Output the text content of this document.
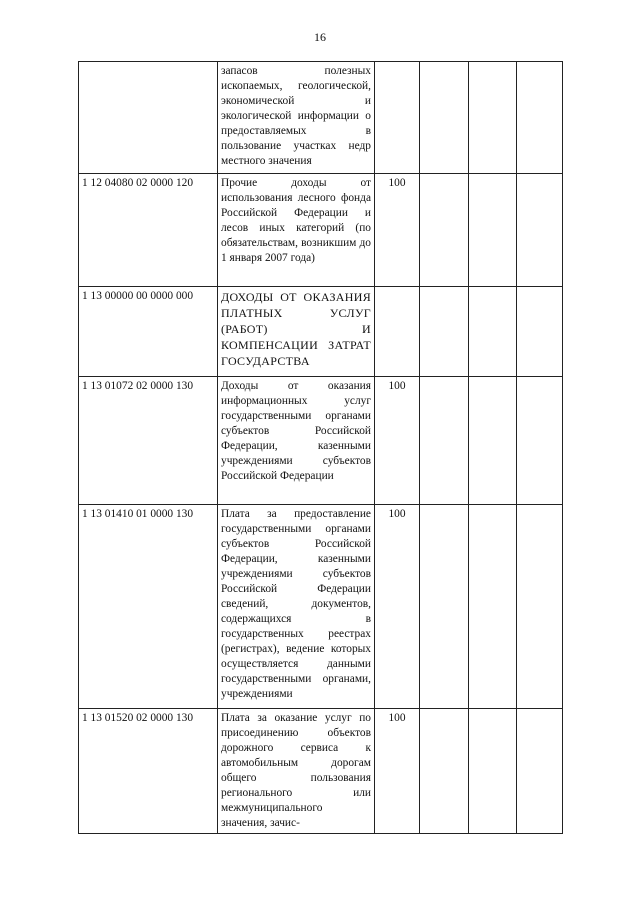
16
	запасов полезных ископаемых, геологической, экономической и экологической информации о предоставляемых в пользование участках недр местного значения				
1 12 04080 02 0000 120	Прочие доходы от использования лесного фонда Российской Федерации и лесов иных категорий (по обязательствам, возникшим до 1 января 2007 года)	100			
1 13 00000 00 0000 000	ДОХОДЫ ОТ ОКАЗАНИЯ ПЛАТНЫХ УСЛУГ (РАБОТ) И КОМПЕНСАЦИИ ЗАТРАТ ГОСУДАРСТВА				
1 13 01072 02 0000 130	Доходы от оказания информационных услуг государственными органами субъектов Российской Федерации, казенными учреждениями субъектов Российской Федерации	100			
1 13 01410 01 0000 130	Плата за предоставление государственными органами субъектов Российской Федерации, казенными учреждениями субъектов Российской Федерации сведений, документов, содержащихся в государственных реестрах (регистрах), ведение которых осуществляется данными государственными органами, учреждениями	100			
1 13 01520 02 0000 130	Плата за оказание услуг по присоединению объектов дорожного сервиса к автомобильным дорогам общего пользования регионального или межмуниципального значения, зачис-	100			
